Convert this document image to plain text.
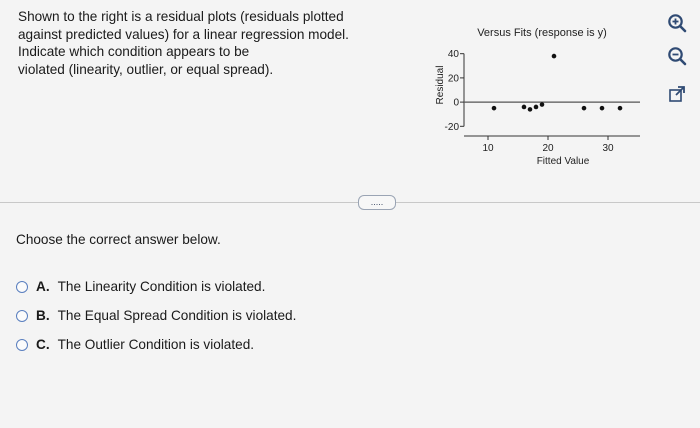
Shown to the right is a residual plots (residuals plotted
against predicted values) for a linear regression model.
Indicate which condition appears to be
violated (linearity, outlier, or equal spread).
Versus Fits (response is y)
Residual
Fitted Value
40
20
0
-20
10	20	30
.....
Choose the correct answer below.
A. The Linearity Condition is violated.
B. The Equal Spread Condition is violated.
C. The Outlier Condition is violated.
